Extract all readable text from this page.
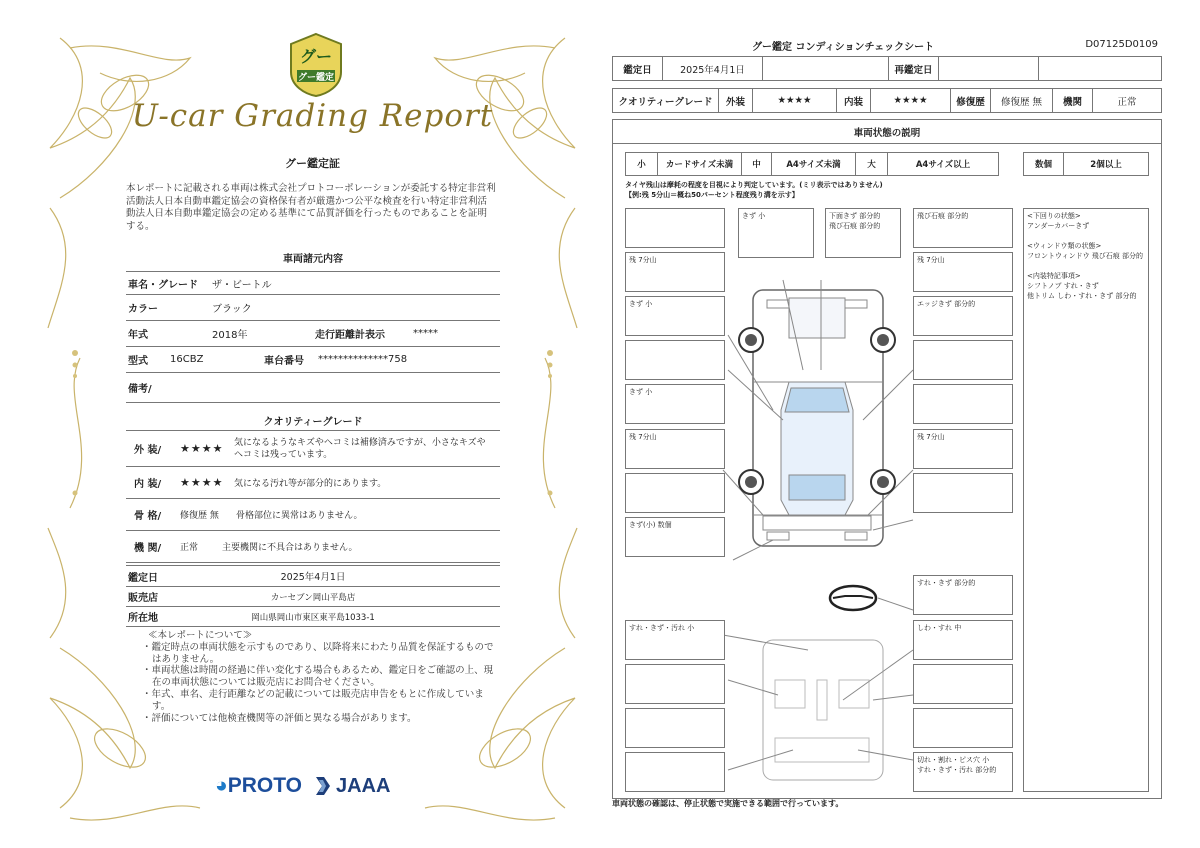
グー
グー鑑定
U-car Grading Report
グー鑑定証
本レポートに記載される車両は株式会社プロトコーポレーションが委託する特定非営利活動法人日本自動車鑑定協会の資格保有者が厳選かつ公平な検査を行い特定非営利活動法人日本自動車鑑定協会の定める基準にて品質評価を行ったものであることを証明する。
車両諸元内容
車名・グレード	ザ・ビートル
カラー	ブラック
年式	2018年	走行距離計表示	*****
型式	16CBZ	車台番号	**************758
備考/
クオリティーグレード
外 装/	★★★★	気になるようなキズやヘコミは補修済みですが、小さなキズやヘコミは残っています。
内 装/	★★★★	気になる汚れ等が部分的にあります。
骨 格/	修復歴 無	骨格部位に異常はありません。
機 関/	正常	主要機関に不具合はありません。
鑑定日	2025年4月1日
販売店	カーセブン岡山平島店
所在地	岡山県岡山市東区東平島1033-1
≪本レポートについて≫
・鑑定時点の車両状態を示すものであり、以降将来にわたり品質を保証するものではありません。
・車両状態は時間の経過に伴い変化する場合もあるため、鑑定日をご確認の上、現在の車両状態については販売店にお問合せください。
・年式、車名、走行距離などの記載については販売店申告をもとに作成しています。
・評価については他検査機関等の評価と異なる場合があります。
◕PROTO JAAA
グー鑑定 コンディションチェックシート	D07125D0109
鑑定日	2025年4月1日	再鑑定日
クオリティーグレード	外装	★★★★	内装	★★★★	修復歴	修復歴 無	機関	正常
車両状態の説明
小	カードサイズ未満	中	A4サイズ未満	大	A4サイズ以上	数個	2個以上
タイヤ残山は摩耗の程度を目視により判定しています。(ミリ表示ではありません)
【例:残 5分山＝概ね50パーセント程度残り溝を示す】
残 7分山
きず 小
きず 小
残 7分山
きず(小) 数個
きず 小	下面きず 部分的
飛び石痕 部分的
飛び石痕 部分的
残 7分山
エッジきず 部分的
残 7分山
すれ・きず 部分的
すれ・きず・汚れ 小	しわ・すれ 中
切れ・割れ・ピス穴 小
すれ・きず・汚れ 部分的
<下回りの状態>
アンダーカバーきず

<ウィンドウ類の状態>
フロントウィンドウ 飛び石痕 部分的

<内装特記事項>
シフトノブ すれ・きず
他トリム しわ・すれ・きず 部分的
車両状態の確認は、停止状態で実施できる範囲で行っています。
